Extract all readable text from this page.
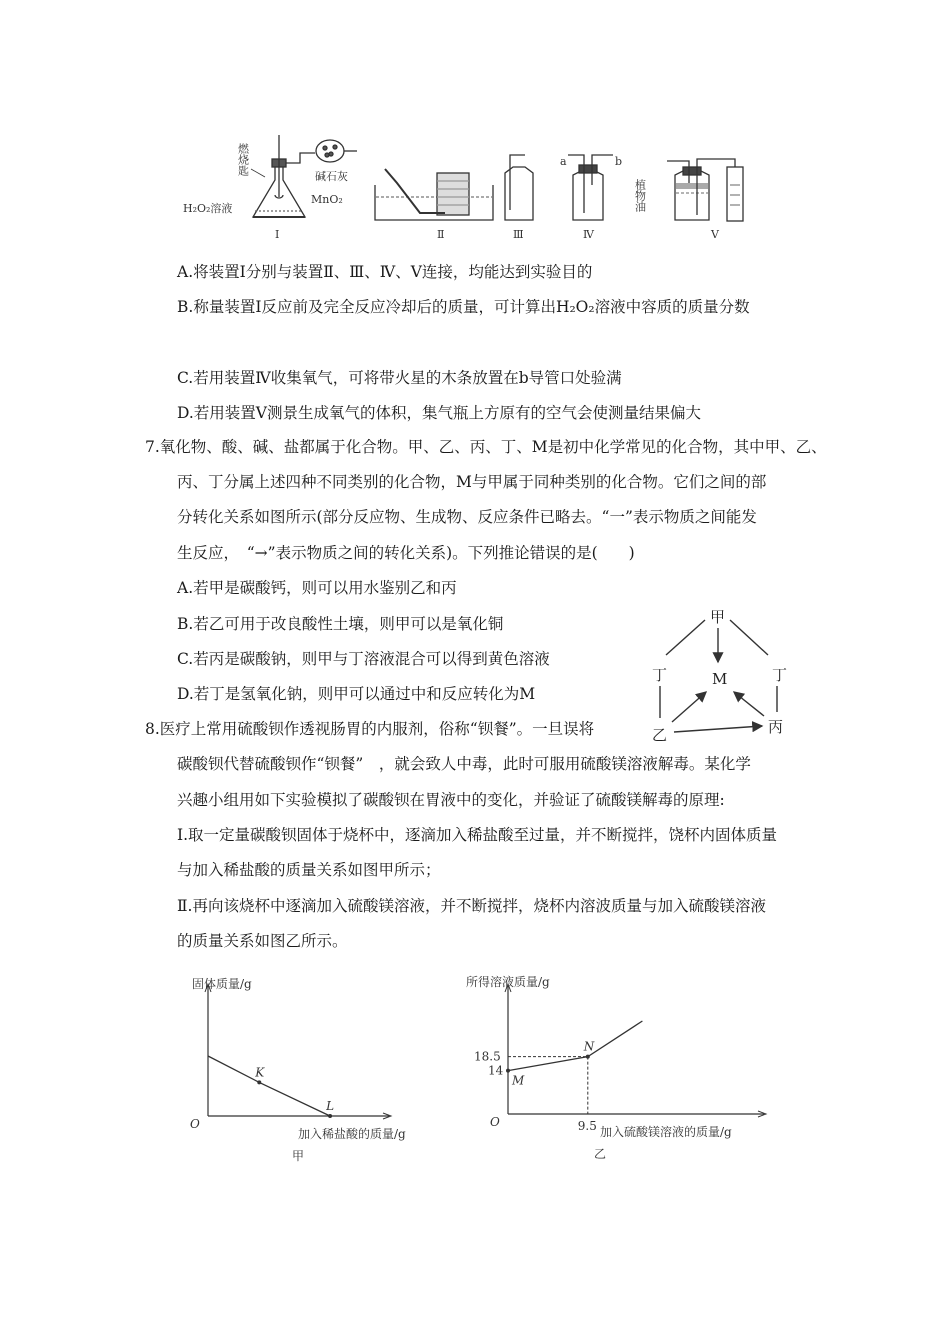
燃烧匙
碱石灰
H₂O₂溶液
MnO₂
Ⅰ	Ⅱ	Ⅲ
a	b
Ⅳ
植物油
Ⅴ
A.将装置Ⅰ分别与装置Ⅱ、Ⅲ、Ⅳ、Ⅴ连接，均能达到实验目的
B.称量装置Ⅰ反应前及完全反应冷却后的质量，可计算出H₂O₂溶液中容质的质量分数
C.若用装置Ⅳ收集氧气，可将带火星的木条放置在b导管口处验满
D.若用装置Ⅴ测景生成氧气的体积，集气瓶上方原有的空气会使测量结果偏大
7.氧化物、酸、碱、盐都属于化合物。甲、乙、丙、丁、M是初中化学常见的化合物，其中甲、乙、
丙、丁分属上述四种不同类别的化合物，M与甲属于同种类别的化合物。它们之间的部
分转化关系如图所示(部分反应物、生成物、反应条件已略去。“一”表示物质之间能发
生反应，　“→”表示物质之间的转化关系)。下列推论错误的是(　　)
A.若甲是碳酸钙，则可以用水鉴别乙和丙
B.若乙可用于改良酸性土壤，则甲可以是氧化铜
C.若丙是碳酸钠，则甲与丁溶液混合可以得到黄色溶液
D.若丁是氢氧化钠，则甲可以通过中和反应转化为M
甲
M
丁	丁
乙	丙
8.医疗上常用硫酸钡作透视肠胃的内服剂，俗称“钡餐”。一旦误将
碳酸钡代替硫酸钡作“钡餐”　，就会致人中毒，此时可服用硫酸镁溶液解毒。某化学
兴趣小组用如下实验模拟了碳酸钡在胃液中的变化，并验证了硫酸镁解毒的原理:
Ⅰ.取一定量碳酸钡固体于烧杯中，逐滴加入稀盐酸至过量，并不断搅拌，饶杯内固体质量
与加入稀盐酸的质量关系如图甲所示；
Ⅱ.再向该烧杯中逐滴加入硫酸镁溶液，并不断搅拌，烧杯内溶波质量与加入硫酸镁溶液
的质量关系如图乙所示。
K
L
固体质量/g
加入稀盐酸的质量/g
O
甲
M
N
9.5
18.5
14
所得溶液质量/g
加入硫酸镁溶液的质量/g
O
乙
